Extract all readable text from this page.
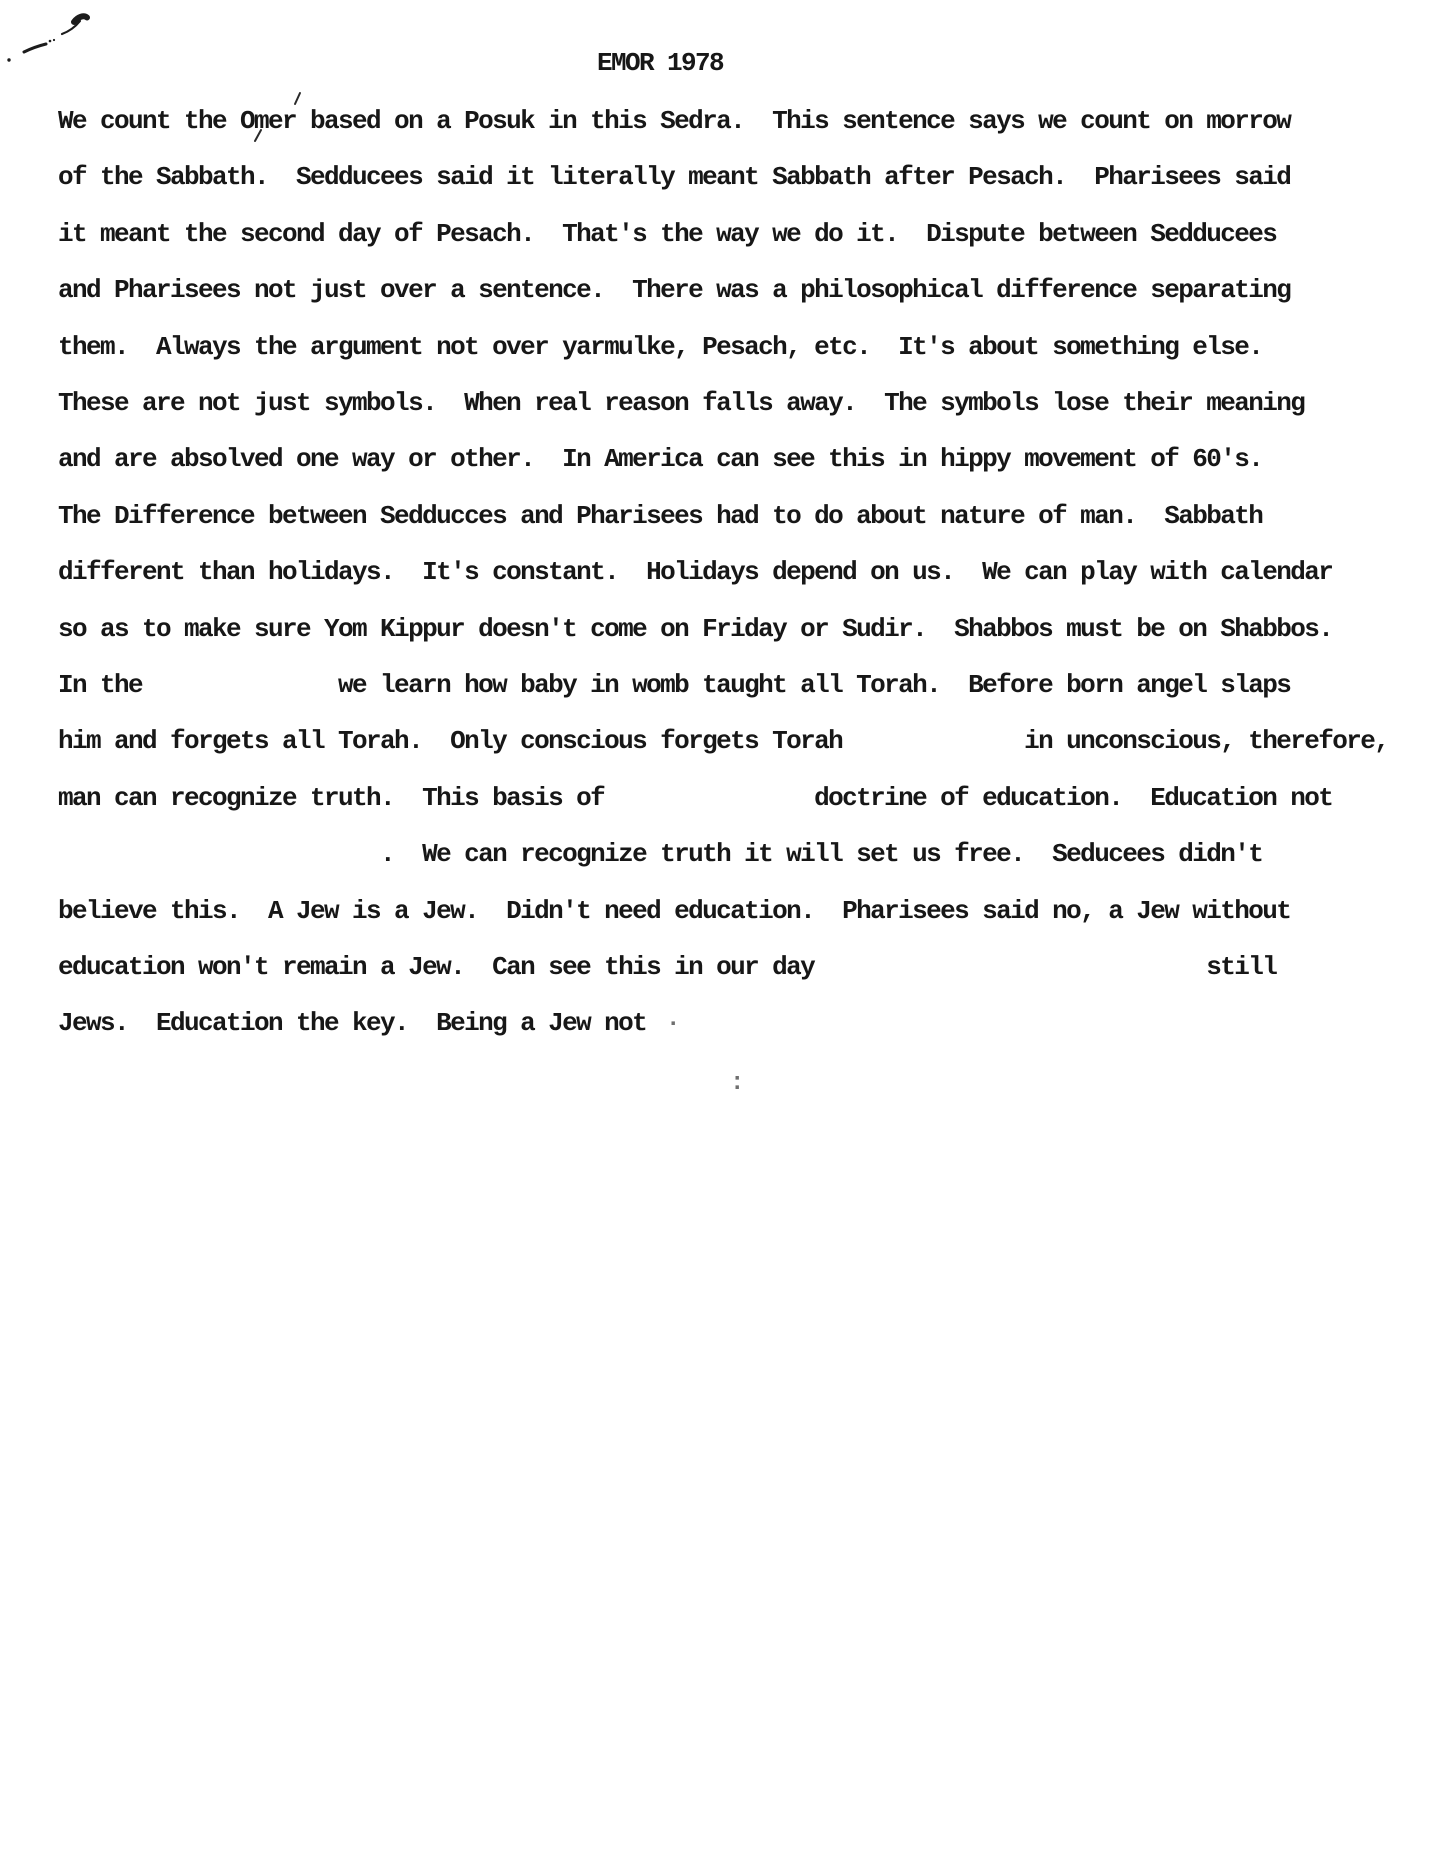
EMOR 1978
We count the Omer based on a Posuk in this Sedra.  This sentence says we count on morrow
of the Sabbath.  Sedducees said it literally meant Sabbath after Pesach.  Pharisees said
it meant the second day of Pesach.  That's the way we do it.  Dispute between Sedducees
and Pharisees not just over a sentence.  There was a philosophical difference separating
them.  Always the argument not over yarmulke, Pesach, etc.  It's about something else.
These are not just symbols.  When real reason falls away.  The symbols lose their meaning
and are absolved one way or other.  In America can see this in hippy movement of 60's.
The Difference between Sedducces and Pharisees had to do about nature of man.  Sabbath
different than holidays.  It's constant.  Holidays depend on us.  We can play with calendar
so as to make sure Yom Kippur doesn't come on Friday or Sudir.  Shabbos must be on Shabbos.
In the              we learn how baby in womb taught all Torah.  Before born angel slaps
him and forgets all Torah.  Only conscious forgets Torah             in unconscious, therefore,
man can recognize truth.  This basis of               doctrine of education.  Education not
.  We can recognize truth it will set us free.  Seducees didn't
believe this.  A Jew is a Jew.  Didn't need education.  Pharisees said no, a Jew without
education won't remain a Jew.  Can see this in our day                            still
Jews.  Education the key.  Being a Jew not .
:
